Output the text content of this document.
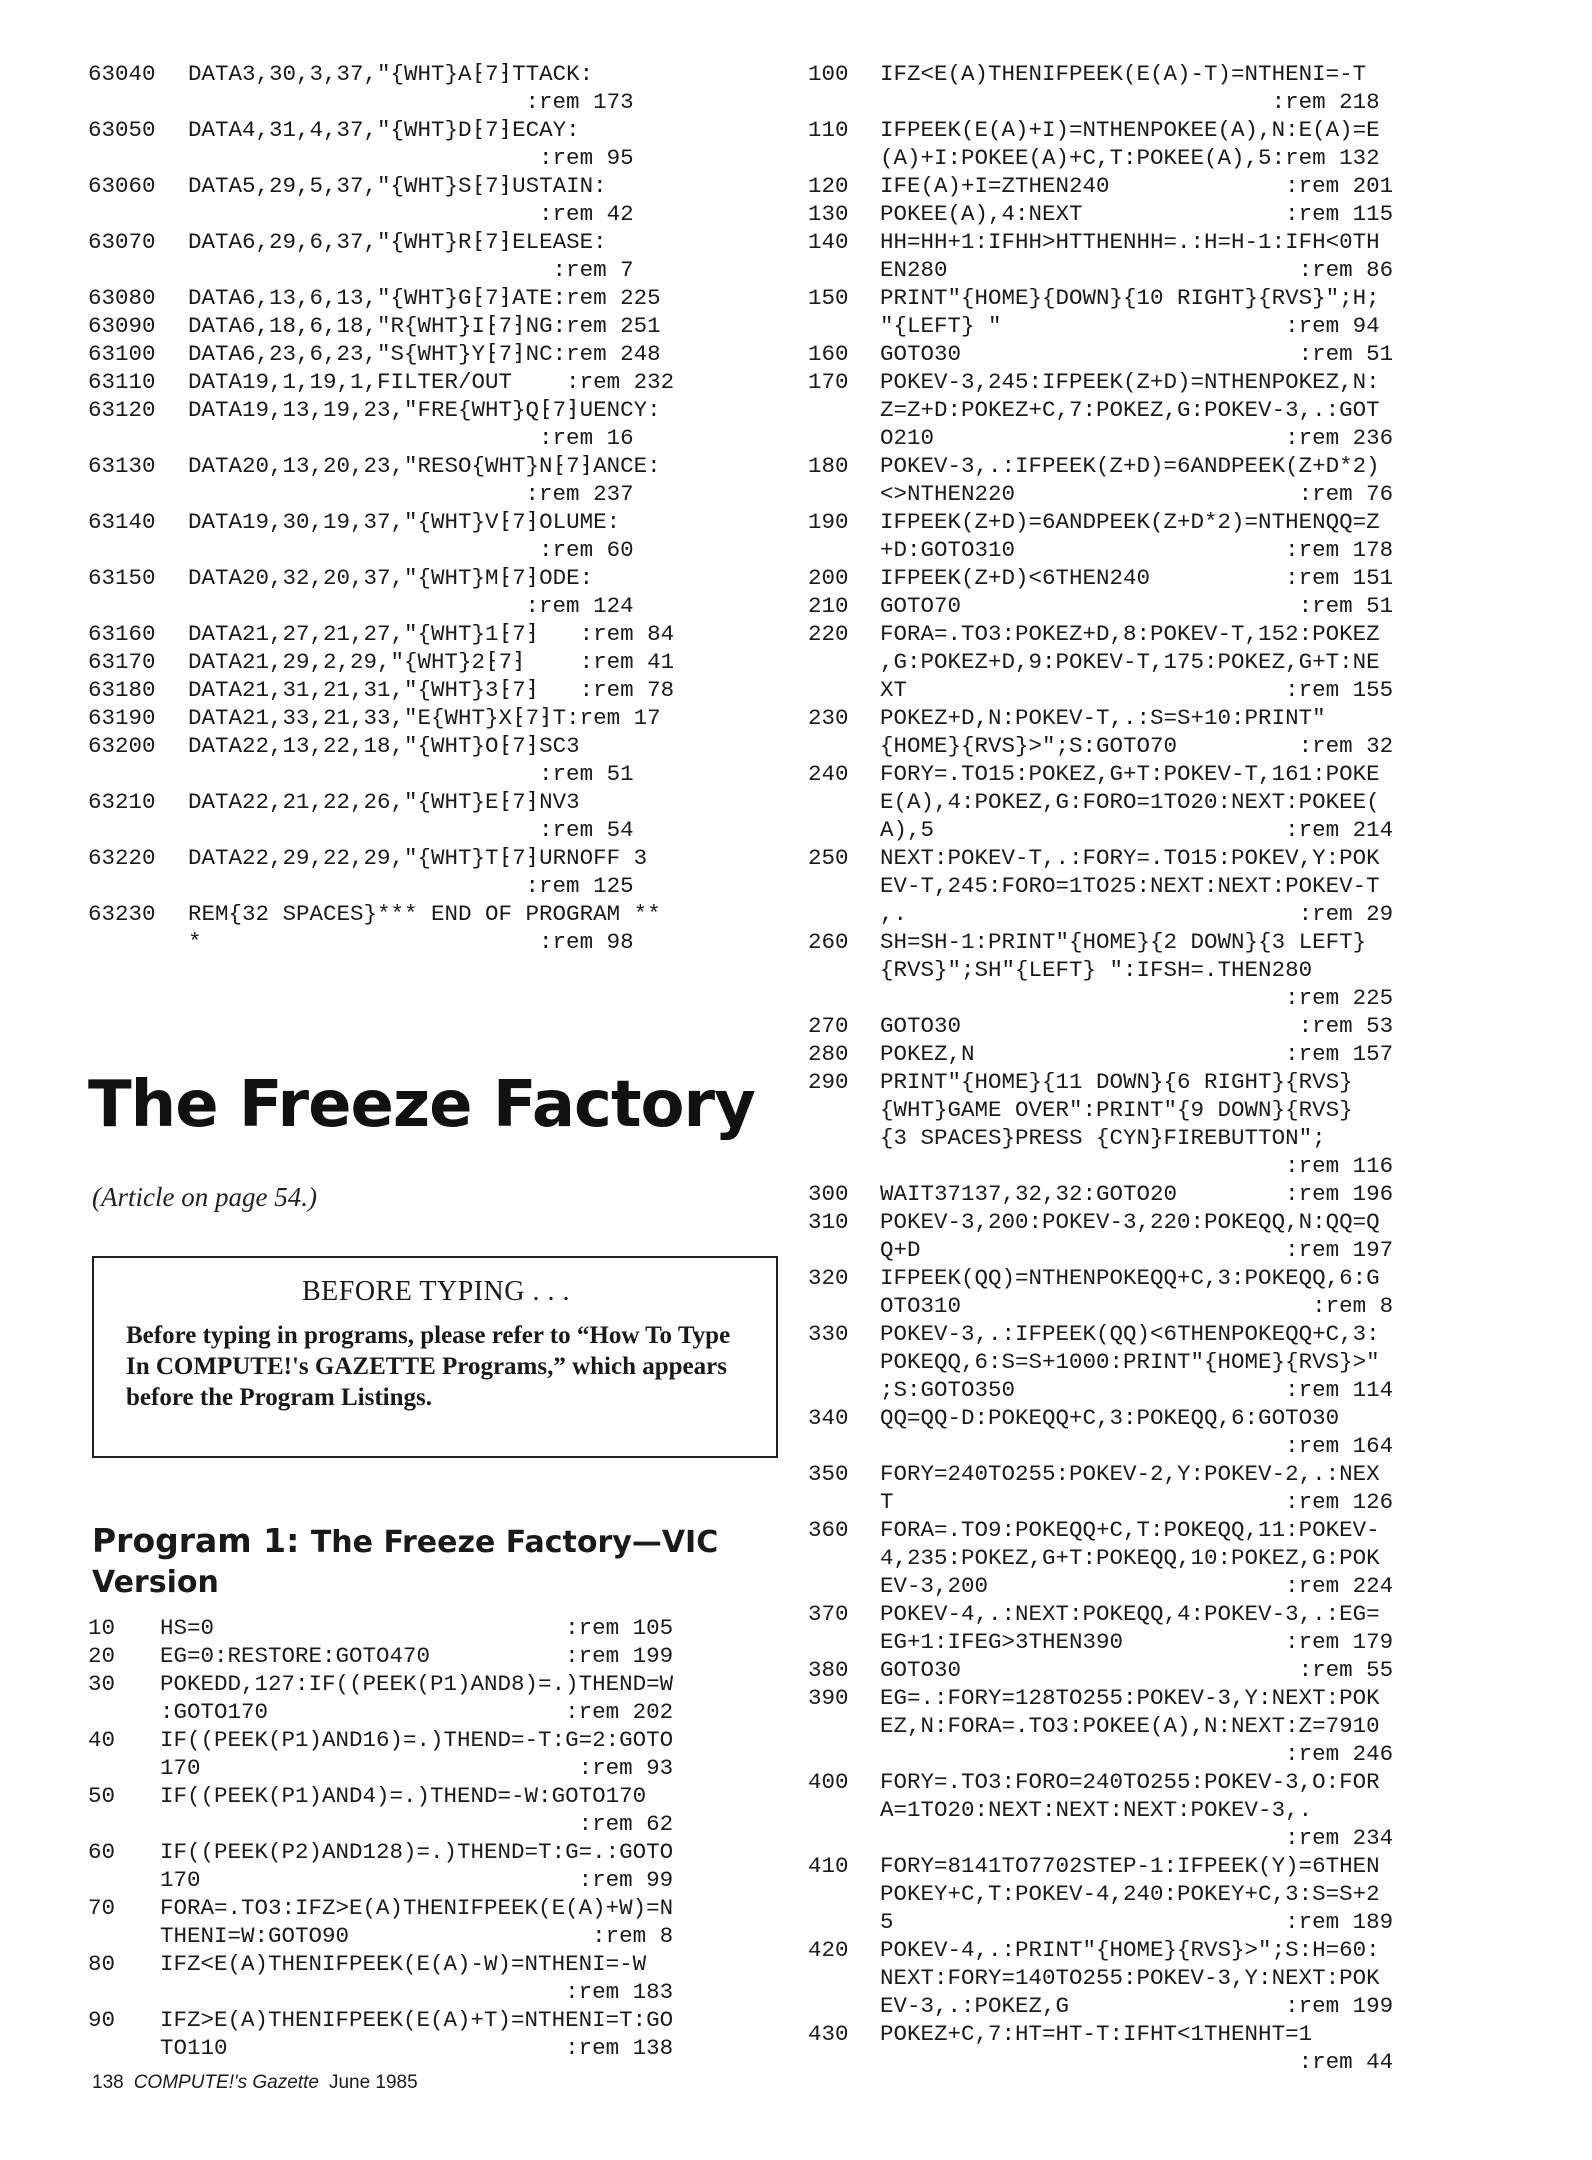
63040 DATA3,30,3,37,"{WHT}A⁅7⁆TTACK:
:rem 173
63050 DATA4,31,4,37,"{WHT}D⁅7⁆ECAY:
:rem 95
63060 DATA5,29,5,37,"{WHT}S⁅7⁆USTAIN:
:rem 42
63070 DATA6,29,6,37,"{WHT}R⁅7⁆ELEASE:
:rem 7
63080 DATA6,13,6,13,"{WHT}G⁅7⁆ATE:rem 225
63090 DATA6,18,6,18,"R{WHT}I⁅7⁆NG:rem 251
63100 DATA6,23,6,23,"S{WHT}Y⁅7⁆NC:rem 248
63110 DATA19,1,19,1,FILTER/OUT    :rem 232
63120 DATA19,13,19,23,"FRE{WHT}Q⁅7⁆UENCY:
:rem 16
63130 DATA20,13,20,23,"RESO{WHT}N⁅7⁆ANCE:
:rem 237
63140 DATA19,30,19,37,"{WHT}V⁅7⁆OLUME:
:rem 60
63150 DATA20,32,20,37,"{WHT}M⁅7⁆ODE:
:rem 124
63160 DATA21,27,21,27,"{WHT}1⁅7⁆   :rem 84
63170 DATA21,29,2,29,"{WHT}2⁅7⁆    :rem 41
63180 DATA21,31,21,31,"{WHT}3⁅7⁆   :rem 78
63190 DATA21,33,21,33,"E{WHT}X⁅7⁆T:rem 17
63200 DATA22,13,22,18,"{WHT}O⁅7⁆SC3
:rem 51
63210 DATA22,21,22,26,"{WHT}E⁅7⁆NV3
:rem 54
63220 DATA22,29,22,29,"{WHT}T⁅7⁆URNOFF 3
:rem 125
63230 REM{32 SPACES}*** END OF PROGRAM **
*                         :rem 98
The Freeze Factory
(Article on page 54.)

BEFORE TYPING . . .

Before typing in programs, please refer to “How To Type In COMPUTE!'s GAZETTE Programs,” which appears before the Program Listings.

Program 1: The Freeze Factory—VIC Version
10 HS=0                          :rem 105
20 EG=0:RESTORE:GOTO470          :rem 199
30 POKEDD,127:IF((PEEK(P1)AND8)=.)THEND=W
:GOTO170                      :rem 202
40 IF((PEEK(P1)AND16)=.)THEND=-T:G=2:GOTO
170                            :rem 93
50 IF((PEEK(P1)AND4)=.)THEND=-W:GOTO170
:rem 62
60 IF((PEEK(P2)AND128)=.)THEND=T:G=.:GOTO
170                            :rem 99
70 FORA=.TO3:IFZ>E(A)THENIFPEEK(E(A)+W)=N
THENI=W:GOTO90                  :rem 8
80 IFZ<E(A)THENIFPEEK(E(A)-W)=NTHENI=-W
:rem 183
90 IFZ>E(A)THENIFPEEK(E(A)+T)=NTHENI=T:GO
TO110                         :rem 138
100 IFZ<E(A)THENIFPEEK(E(A)-T)=NTHENI=-T
:rem 218
110 IFPEEK(E(A)+I)=NTHENPOKEE(A),N:E(A)=E
(A)+I:POKEE(A)+C,T:POKEE(A),5:rem 132
120 IFE(A)+I=ZTHEN240             :rem 201
130 POKEE(A),4:NEXT               :rem 115
140 HH=HH+1:IFHH>HTTHENHH=.:H=H-1:IFH<0TH
EN280                          :rem 86
150 PRINT"{HOME}{DOWN}{10 RIGHT}{RVS}";H;
"{LEFT} "                     :rem 94
160 GOTO30                         :rem 51
170 POKEV-3,245:IFPEEK(Z+D)=NTHENPOKEZ,N:
Z=Z+D:POKEZ+C,7:POKEZ,G:POKEV-3,.:GOT
O210                          :rem 236
180 POKEV-3,.:IFPEEK(Z+D)=6ANDPEEK(Z+D*2)
<>NTHEN220                     :rem 76
190 IFPEEK(Z+D)=6ANDPEEK(Z+D*2)=NTHENQQ=Z
+D:GOTO310                    :rem 178
200 IFPEEK(Z+D)<6THEN240          :rem 151
210 GOTO70                         :rem 51
220 FORA=.TO3:POKEZ+D,8:POKEV-T,152:POKEZ
,G:POKEZ+D,9:POKEV-T,175:POKEZ,G+T:NE
XT                            :rem 155
230 POKEZ+D,N:POKEV-T,.:S=S+10:PRINT"
{HOME}{RVS}>";S:GOTO70         :rem 32
240 FORY=.TO15:POKEZ,G+T:POKEV-T,161:POKE
E(A),4:POKEZ,G:FORO=1TO20:NEXT:POKEE(
A),5                          :rem 214
250 NEXT:POKEV-T,.:FORY=.TO15:POKEV,Y:POK
EV-T,245:FORO=1TO25:NEXT:NEXT:POKEV-T
,.                             :rem 29
260 SH=SH-1:PRINT"{HOME}{2 DOWN}{3 LEFT}
{RVS}";SH"{LEFT} ":IFSH=.THEN280
:rem 225
270 GOTO30                         :rem 53
280 POKEZ,N                       :rem 157
290 PRINT"{HOME}{11 DOWN}{6 RIGHT}{RVS}
{WHT}GAME OVER":PRINT"{9 DOWN}{RVS}
{3 SPACES}PRESS {CYN}FIREBUTTON";
:rem 116
300 WAIT37137,32,32:GOTO20        :rem 196
310 POKEV-3,200:POKEV-3,220:POKEQQ,N:QQ=Q
Q+D                           :rem 197
320 IFPEEK(QQ)=NTHENPOKEQQ+C,3:POKEQQ,6:G
OTO310                          :rem 8
330 POKEV-3,.:IFPEEK(QQ)<6THENPOKEQQ+C,3:
POKEQQ,6:S=S+1000:PRINT"{HOME}{RVS}>"
;S:GOTO350                    :rem 114
340 QQ=QQ-D:POKEQQ+C,3:POKEQQ,6:GOTO30
:rem 164
350 FORY=240TO255:POKEV-2,Y:POKEV-2,.:NEX
T                             :rem 126
360 FORA=.TO9:POKEQQ+C,T:POKEQQ,11:POKEV-
4,235:POKEZ,G+T:POKEQQ,10:POKEZ,G:POK
EV-3,200                      :rem 224
370 POKEV-4,.:NEXT:POKEQQ,4:POKEV-3,.:EG=
EG+1:IFEG>3THEN390            :rem 179
380 GOTO30                         :rem 55
390 EG=.:FORY=128TO255:POKEV-3,Y:NEXT:POK
EZ,N:FORA=.TO3:POKEE(A),N:NEXT:Z=7910
:rem 246
400 FORY=.TO3:FORO=240TO255:POKEV-3,O:FOR
A=1TO20:NEXT:NEXT:NEXT:POKEV-3,.
:rem 234
410 FORY=8141TO7702STEP-1:IFPEEK(Y)=6THEN
POKEY+C,T:POKEV-4,240:POKEY+C,3:S=S+2
5                             :rem 189
420 POKEV-4,.:PRINT"{HOME}{RVS}>";S:H=60:
NEXT:FORY=140TO255:POKEV-3,Y:NEXT:POK
EV-3,.:POKEZ,G                :rem 199
430 POKEZ+C,7:HT=HT-T:IFHT<1THENHT=1
:rem 44
138 COMPUTE!'s Gazette June 1985
